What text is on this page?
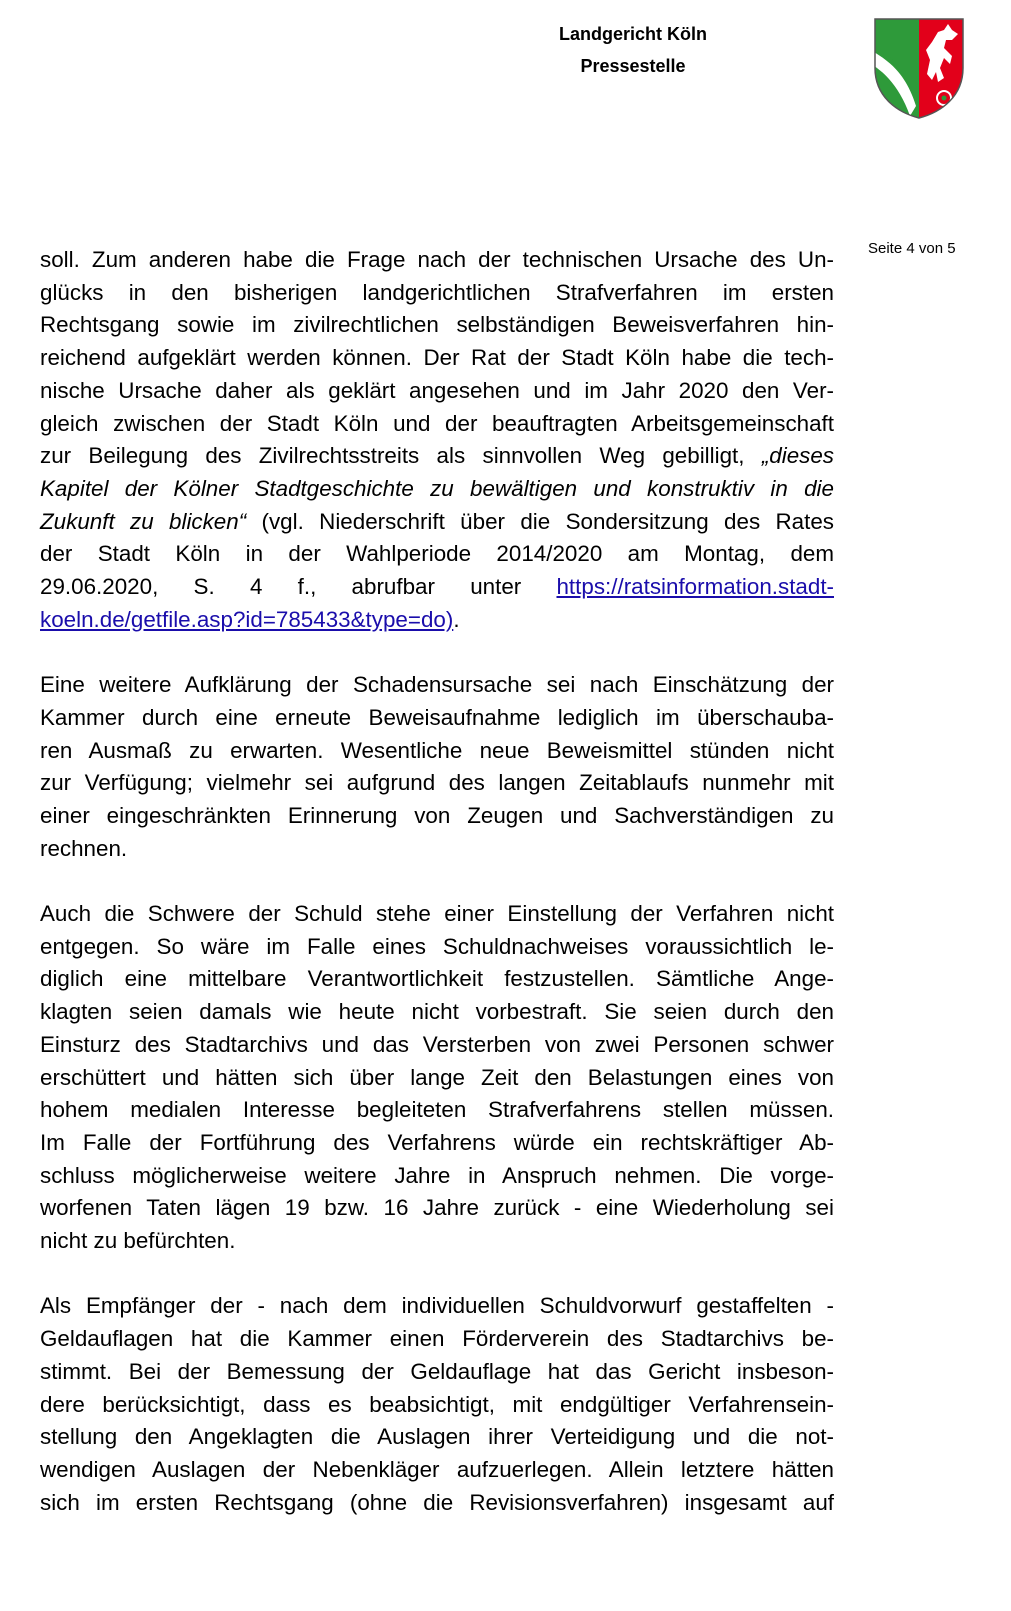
Landgericht Köln
Pressestelle
Seite 4 von 5
soll. Zum anderen habe die Frage nach der technischen Ursache des Un-
glücks in den bisherigen landgerichtlichen Strafverfahren im ersten
Rechtsgang sowie im zivilrechtlichen selbständigen Beweisverfahren hin-
reichend aufgeklärt werden können. Der Rat der Stadt Köln habe die tech-
nische Ursache daher als geklärt angesehen und im Jahr 2020 den Ver-
gleich zwischen der Stadt Köln und der beauftragten Arbeitsgemeinschaft
zur Beilegung des Zivilrechtsstreits als sinnvollen Weg gebilligt, „dieses
Kapitel der Kölner Stadtgeschichte zu bewältigen und konstruktiv in die
Zukunft zu blicken“ (vgl. Niederschrift über die Sondersitzung des Rates
der Stadt Köln in der Wahlperiode 2014/2020 am Montag, dem
29.06.2020, S. 4 f., abrufbar unter https://ratsinformation.stadt-
koeln.de/getfile.asp?id=785433&type=do).
Eine weitere Aufklärung der Schadensursache sei nach Einschätzung der
Kammer durch eine erneute Beweisaufnahme lediglich im überschauba-
ren Ausmaß zu erwarten. Wesentliche neue Beweismittel stünden nicht
zur Verfügung; vielmehr sei aufgrund des langen Zeitablaufs nunmehr mit
einer eingeschränkten Erinnerung von Zeugen und Sachverständigen zu
rechnen.
Auch die Schwere der Schuld stehe einer Einstellung der Verfahren nicht
entgegen. So wäre im Falle eines Schuldnachweises voraussichtlich le-
diglich eine mittelbare Verantwortlichkeit festzustellen. Sämtliche Ange-
klagten seien damals wie heute nicht vorbestraft. Sie seien durch den
Einsturz des Stadtarchivs und das Versterben von zwei Personen schwer
erschüttert und hätten sich über lange Zeit den Belastungen eines von
hohem medialen Interesse begleiteten Strafverfahrens stellen müssen.
Im Falle der Fortführung des Verfahrens würde ein rechtskräftiger Ab-
schluss möglicherweise weitere Jahre in Anspruch nehmen. Die vorge-
worfenen Taten lägen 19 bzw. 16 Jahre zurück - eine Wiederholung sei
nicht zu befürchten.
Als Empfänger der - nach dem individuellen Schuldvorwurf gestaffelten -
Geldauflagen hat die Kammer einen Förderverein des Stadtarchivs be-
stimmt. Bei der Bemessung der Geldauflage hat das Gericht insbeson-
dere berücksichtigt, dass es beabsichtigt, mit endgültiger Verfahrensein-
stellung den Angeklagten die Auslagen ihrer Verteidigung und die not-
wendigen Auslagen der Nebenkläger aufzuerlegen. Allein letztere hätten
sich im ersten Rechtsgang (ohne die Revisionsverfahren) insgesamt auf
